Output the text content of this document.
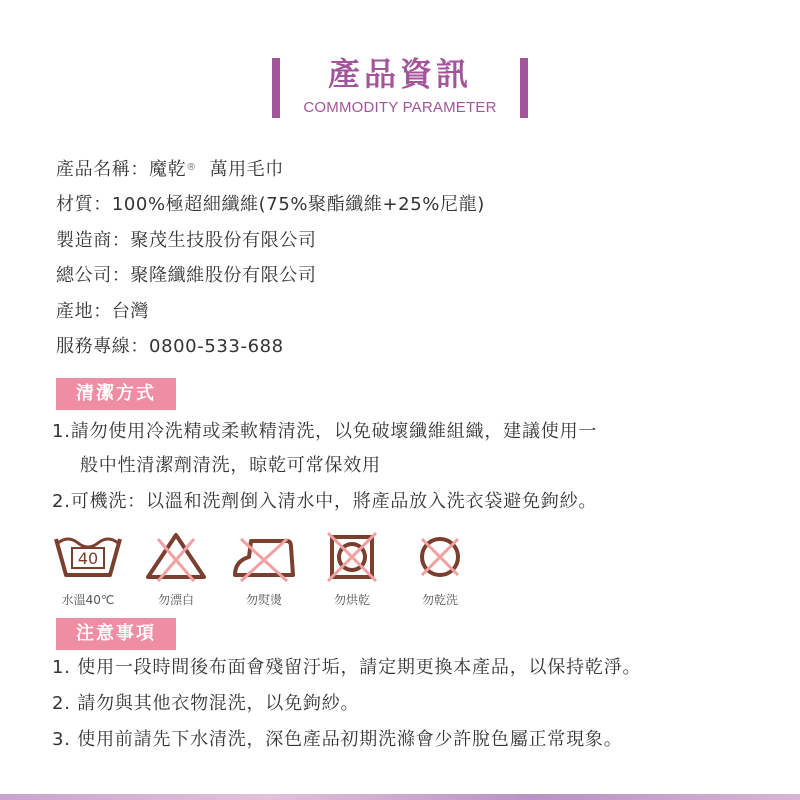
產品資訊
COMMODITY PARAMETER
產品名稱：魔乾® 萬用毛巾
材質：100%極超細纖維(75%聚酯纖維+25%尼龍)
製造商：聚茂生技股份有限公司
總公司：聚隆纖維股份有限公司
產地：台灣
服務專線：0800-533-688
清潔方式
1.請勿使用冷洗精或柔軟精清洗，以免破壞纖維組織，建議使用一
般中性清潔劑清洗，晾乾可常保效用
2.可機洗：以溫和洗劑倒入清水中，將產品放入洗衣袋避免鉤紗。
40
水溫40℃	勿漂白	勿熨燙	勿烘乾	勿乾洗
注意事項
1. 使用一段時間後布面會殘留汙垢，請定期更換本產品，以保持乾淨。
2. 請勿與其他衣物混洗，以免鉤紗。
3. 使用前請先下水清洗，深色產品初期洗滌會少許脫色屬正常現象。
